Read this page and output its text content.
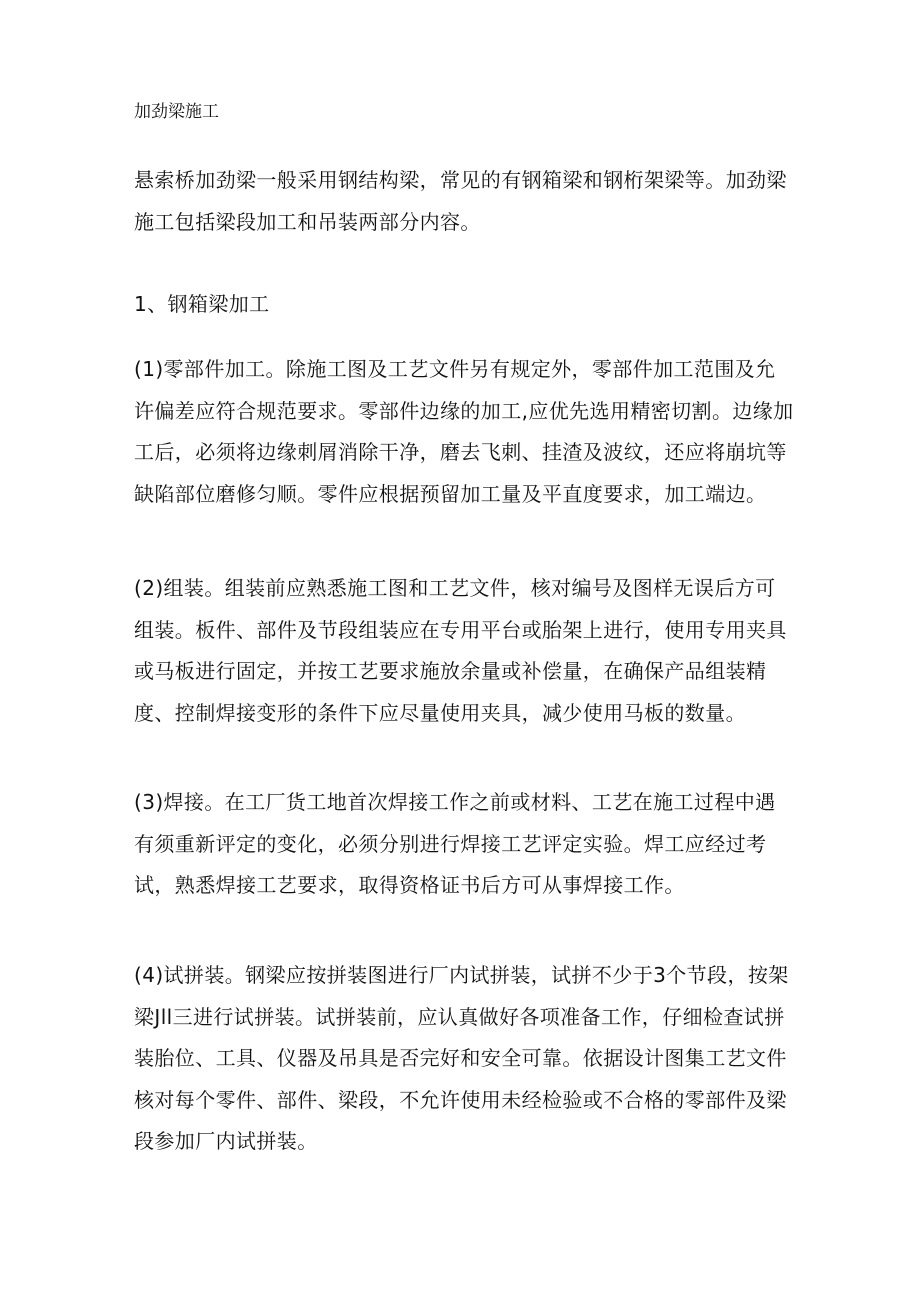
加劲梁施工

悬索桥加劲梁一般采用钢结构梁，常见的有钢箱梁和钢桁架梁等。加劲梁施工包括梁段加工和吊装两部分内容。

1、钢箱梁加工

(1)零部件加工。除施工图及工艺文件另有规定外，零部件加工范围及允许偏差应符合规范要求。零部件边缘的加工,应优先选用精密切割。边缘加工后，必须将边缘刺屑消除干净，磨去飞刺、挂渣及波纹，还应将崩坑等缺陷部位磨修匀顺。零件应根据预留加工量及平直度要求，加工端边。

(2)组装。组装前应熟悉施工图和工艺文件，核对编号及图样无误后方可组装。板件、部件及节段组装应在专用平台或胎架上进行，使用专用夹具或马板进行固定，并按工艺要求施放余量或补偿量，在确保产品组装精度、控制焊接变形的条件下应尽量使用夹具，减少使用马板的数量。

(3)焊接。在工厂货工地首次焊接工作之前或材料、工艺在施工过程中遇有须重新评定的变化，必须分别进行焊接工艺评定实验。焊工应经过考试，熟悉焊接工艺要求，取得资格证书后方可从事焊接工作。

(4)试拼装。钢梁应按拼装图进行厂内试拼装，试拼不少于3个节段，按架梁Jll三进行试拼装。试拼装前，应认真做好各项准备工作，仔细检查试拼装胎位、工具、仪器及吊具是否完好和安全可靠。依据设计图集工艺文件核对每个零件、部件、梁段，不允许使用未经检验或不合格的零部件及梁段参加厂内试拼装。
